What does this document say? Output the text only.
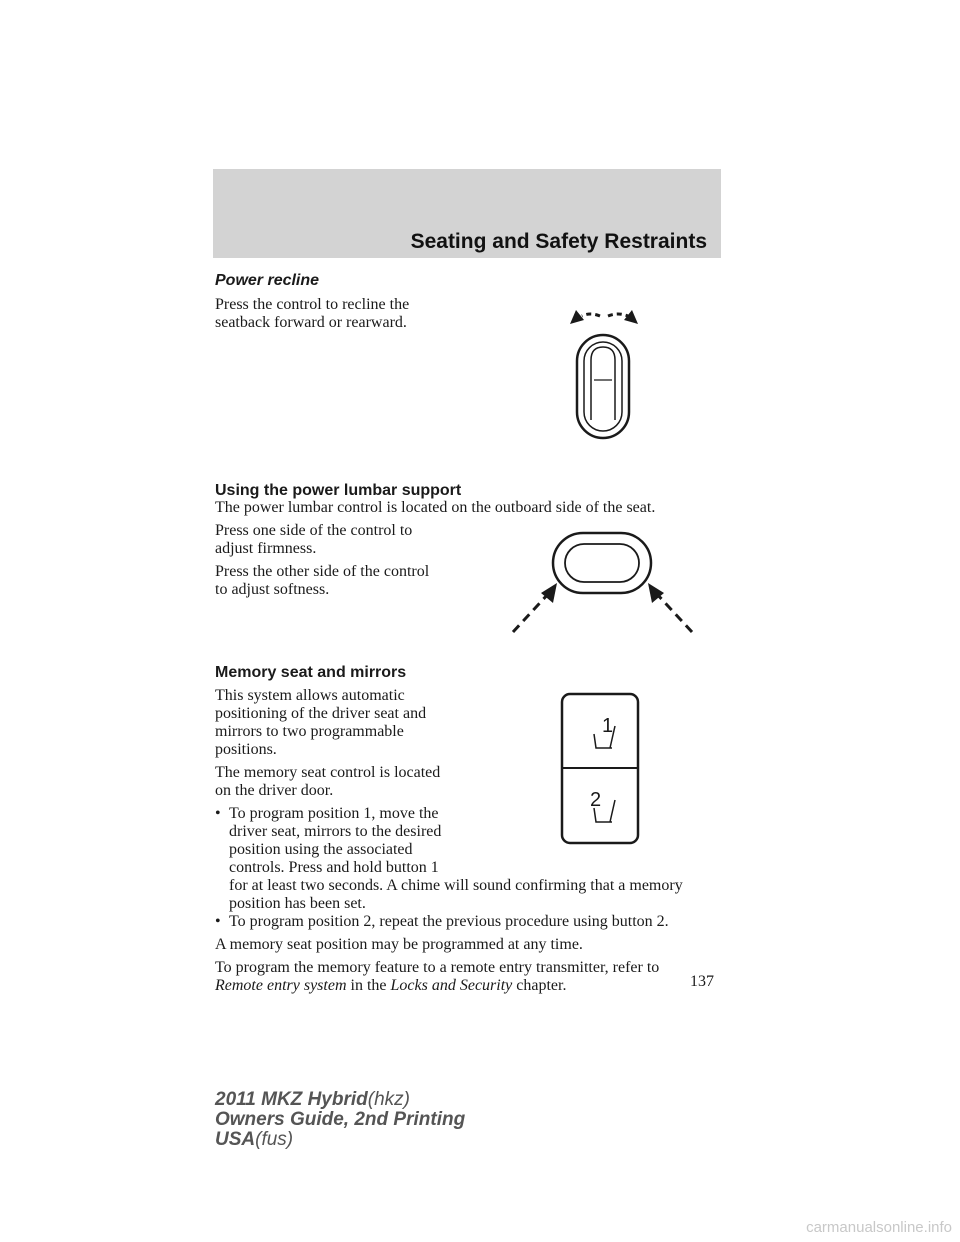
Seating and Safety Restraints

Power recline

Press the control to recline the

seatback forward or rearward.

Using the power lumbar support

The power lumbar control is located on the outboard side of the seat.

Press one side of the control to

adjust firmness.

Press the other side of the control

to adjust softness.

Memory seat and mirrors

This system allows automatic

positioning of the driver seat and

mirrors to two programmable

positions.

The memory seat control is located

on the driver door.

• To program position 1, move the
driver seat, mirrors to the desired
position using the associated
controls. Press and hold button 1
for at least two seconds. A chime will sound confirming that a memory
position has been set.
• To program position 2, repeat the previous procedure using button 2.

A memory seat position may be programmed at any time.

To program the memory feature to a remote entry transmitter, refer to

Remote entry system in the Locks and Security chapter.

1
2
137
2011 MKZ Hybrid(hkz)
Owners Guide, 2nd Printing
USA(fus)
carmanualsonline.info
